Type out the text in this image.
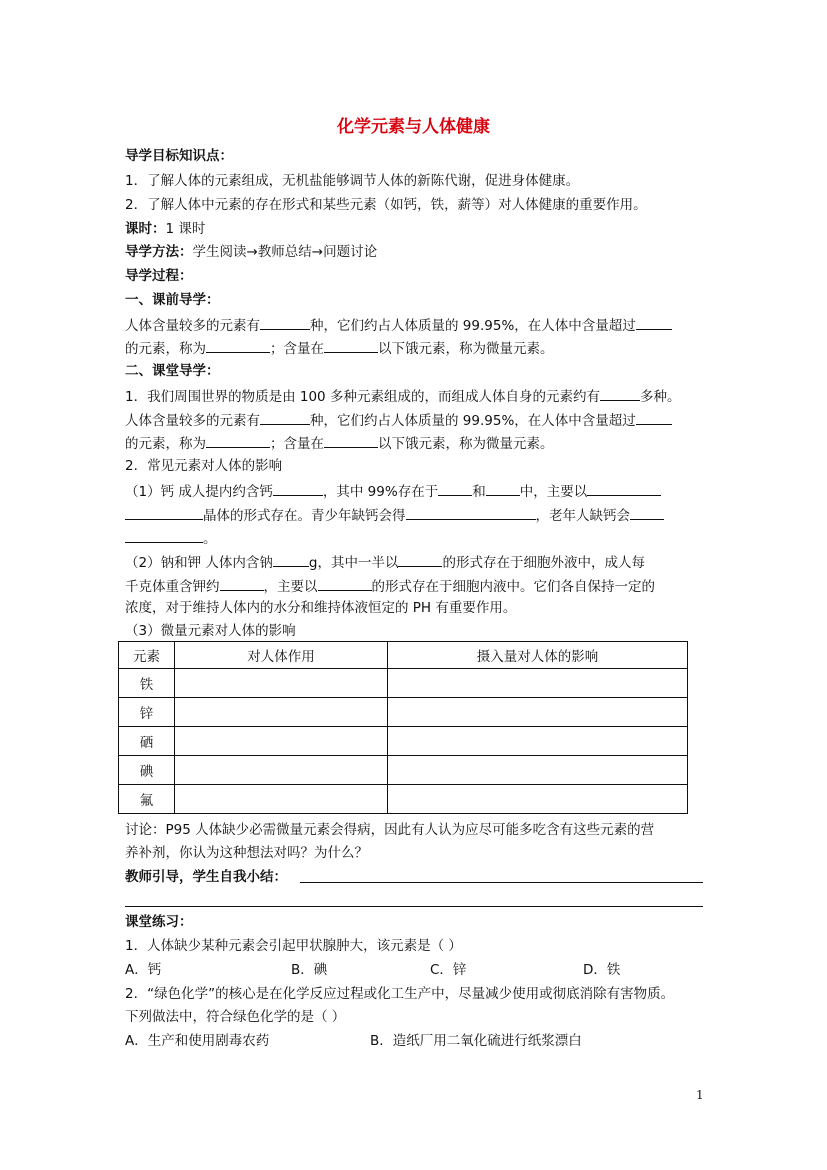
化学元素与人体健康
导学目标知识点：
1．了解人体的元素组成，无机盐能够调节人体的新陈代谢，促进身体健康。
2．了解人体中元素的存在形式和某些元素（如钙，铁，薪等）对人体健康的重要作用。
课时：1 课时
导学方法：学生阅读→教师总结→问题讨论
导学过程：
一、课前导学：
人体含量较多的元素有	种，它们约占人体质量的 99.95%，在人体中含量超过
的元素，称为	；含量在	以下饿元素，称为微量元素。
二、课堂导学：
1．我们周围世界的物质是由 100 多种元素组成的，而组成人体自身的元素约有	多种。
人体含量较多的元素有	种，它们约占人体质量的 99.95%，在人体中含量超过
的元素，称为	；含量在	以下饿元素，称为微量元素。
2．常见元素对人体的影响
（1）钙 成人提内约含钙	，其中 99%存在于	和	中，主要以
晶体的形式存在。青少年缺钙会得	，老年人缺钙会
。
（2）钠和钾 人体内含钠	g，其中一半以	的形式存在于细胞外液中，成人每
千克体重含钾约	，主要以	的形式存在于细胞内液中。它们各自保持一定的
浓度，对于维持人体内的水分和维持体液恒定的 PH 有重要作用。
（3）微量元素对人体的影响
元素	对人体作用	摄入量对人体的影响
铁		
锌		
硒		
碘		
氟		
讨论：P95 人体缺少必需微量元素会得病，因此有人认为应尽可能多吃含有这些元素的营
养补剂，你认为这种想法对吗？为什么？
教师引导，学生自我小结：
课堂练习：
1．人体缺少某种元素会引起甲状腺肿大，该元素是（ ）
A．钙	B．碘	C．锌	D．铁
2．“绿色化学”的核心是在化学反应过程或化工生产中，尽量减少使用或彻底消除有害物质。
下列做法中，符合绿色化学的是（ ）
A．生产和使用剧毒农药	B．造纸厂用二氧化硫进行纸浆漂白
1
